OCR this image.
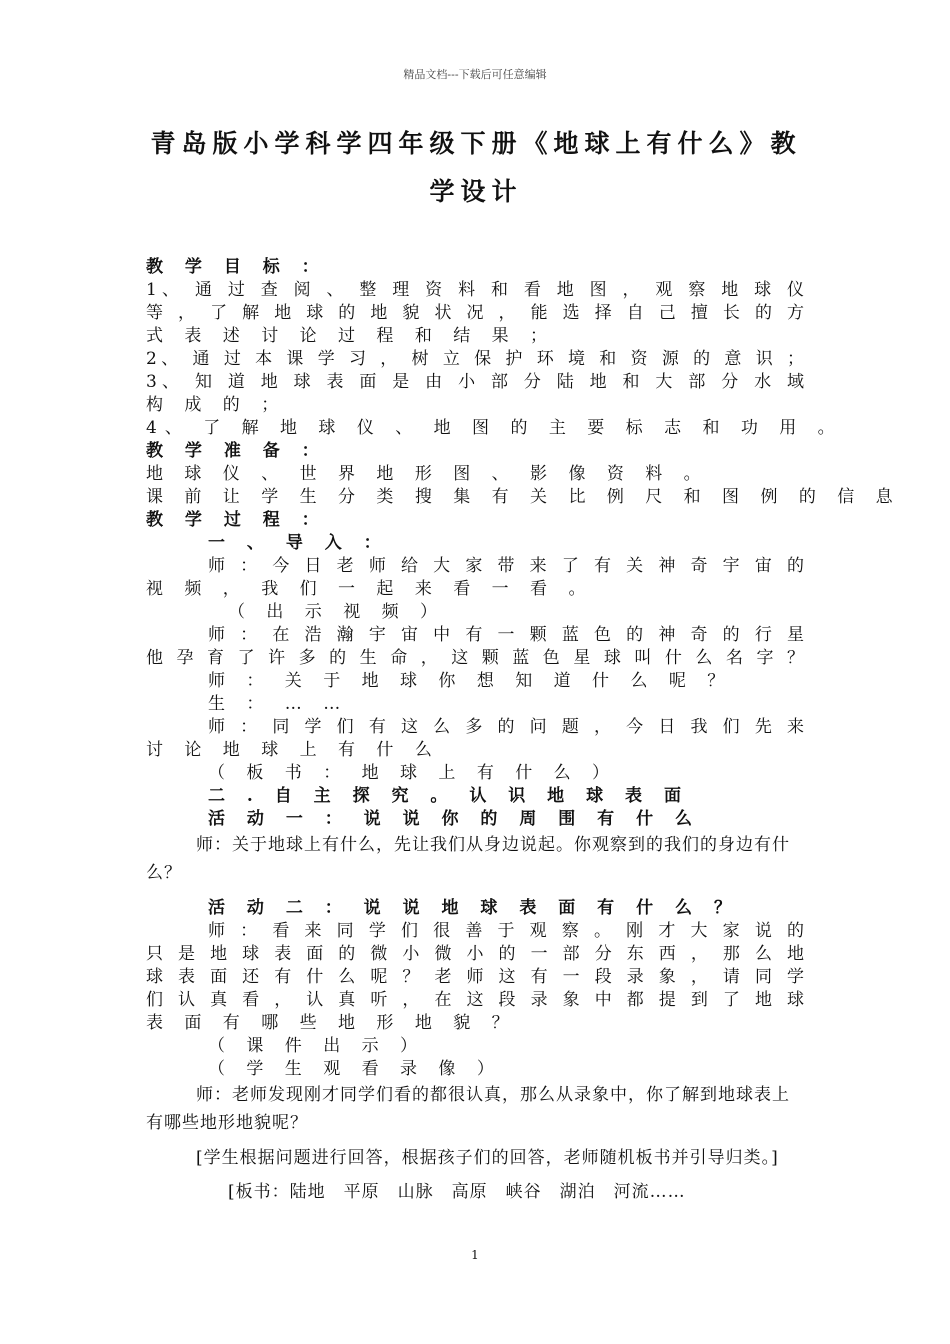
精品文档---下载后可任意编辑
青岛版小学科学四年级下册《地球上有什么》教
学设计
教 学 目 标 ：
1、 通 过 查 阅 、 整 理 资 料 和 看 地 图 ， 观 察 地 球 仪
等 ， 了 解 地 球 的 地 貌 状 况 ， 能 选 择 自 己 擅 长 的 方
式 表 述 讨 论 过 程 和 结 果 ；
2、 通 过 本 课 学 习 ， 树 立 保 护 环 境 和 资 源 的 意 识 ；
3、 知 道 地 球 表 面 是 由 小 部 分 陆 地 和 大 部 分 水 域
构 成 的 ；
4、 了 解 地 球 仪 、 地 图 的 主 要 标 志 和 功 用 。
教 学 准 备 ：
地 球 仪 、 世 界 地 形 图 、 影 像 资 料 。
课 前 让 学 生 分 类 搜 集 有 关 比 例 尺 和 图 例 的 信 息
教 学 过 程 ：
一 、 导 入 ：
师 ： 今 日 老 师 给 大 家 带 来 了 有 关 神 奇 宇 宙 的
视 频 ， 我 们 一 起 来 看 一 看 。
（ 出 示 视 频 ）
师 ： 在 浩 瀚 宇 宙 中 有 一 颗 蓝 色 的 神 奇 的 行 星
他 孕 育 了 许 多 的 生 命 ， 这 颗 蓝 色 星 球 叫 什 么 名 字 ？
师 ： 关 于 地 球 你 想 知 道 什 么 呢 ？
生 ： … …
师 ： 同 学 们 有 这 么 多 的 问 题 ， 今 日 我 们 先 来
讨 论 地 球 上 有 什 么
（ 板 书 ： 地 球 上 有 什 么 ）
二 . 自 主 探 究 。 认 识 地 球 表 面
活 动 一 ： 说 说 你 的 周 围 有 什 么
师：关于地球上有什么，先让我们从身边说起。你观察到的我们的身边有什么？
活 动 二 ： 说 说 地 球 表 面 有 什 么 ？
师 ： 看 来 同 学 们 很 善 于 观 察 。 刚 才 大 家 说 的
只 是 地 球 表 面 的 微 小 微 小 的 一 部 分 东 西 ， 那 么 地
球 表 面 还 有 什 么 呢 ？ 老 师 这 有 一 段 录 象 ， 请 同 学
们 认 真 看 ， 认 真 听 ， 在 这 段 录 象 中 都 提 到 了 地 球
表 面 有 哪 些 地 形 地 貌 ？
（ 课 件 出 示 ）
（ 学 生 观 看 录 像 ）
师：老师发现刚才同学们看的都很认真，那么从录象中，你了解到地球表上有哪些地形地貌呢？
[学生根据问题进行回答，根据孩子们的回答，老师随机板书并引导归类。]
[板书：陆地　平原　山脉　高原　峡谷　湖泊　河流……
1
